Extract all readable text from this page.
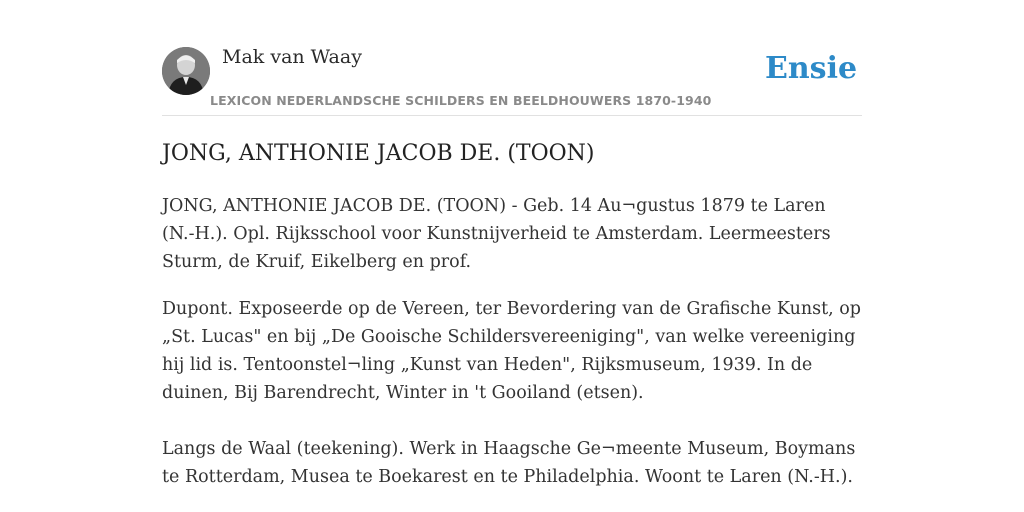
Mak van Waay
LEXICON NEDERLANDSCHE SCHILDERS EN BEELDHOUWERS 1870-1940
Ensie
JONG, ANTHONIE JACOB DE. (TOON)

JONG, ANTHONIE JACOB DE. (TOON) - Geb. 14 Au¬gustus 1879 te Laren (N.-H.). Opl. Rijksschool voor Kunstnijverheid te Amsterdam. Leermeesters Sturm, de Kruif, Eikelberg en prof.

Dupont. Exposeerde op de Vereen, ter Bevordering van de Grafische Kunst, op „St. Lucas" en bij „De Gooische Schildersvereeniging", van welke vereeniging hij lid is. Tentoonstel¬ling „Kunst van Heden", Rijksmuseum, 1939. In de duinen, Bij Barendrecht, Winter in 't Gooiland (etsen).

Langs de Waal (teekening). Werk in Haagsche Ge¬meente Museum, Boymans te Rotterdam, Musea te Boekarest en te Philadelphia. Woont te Laren (N.-H.).
